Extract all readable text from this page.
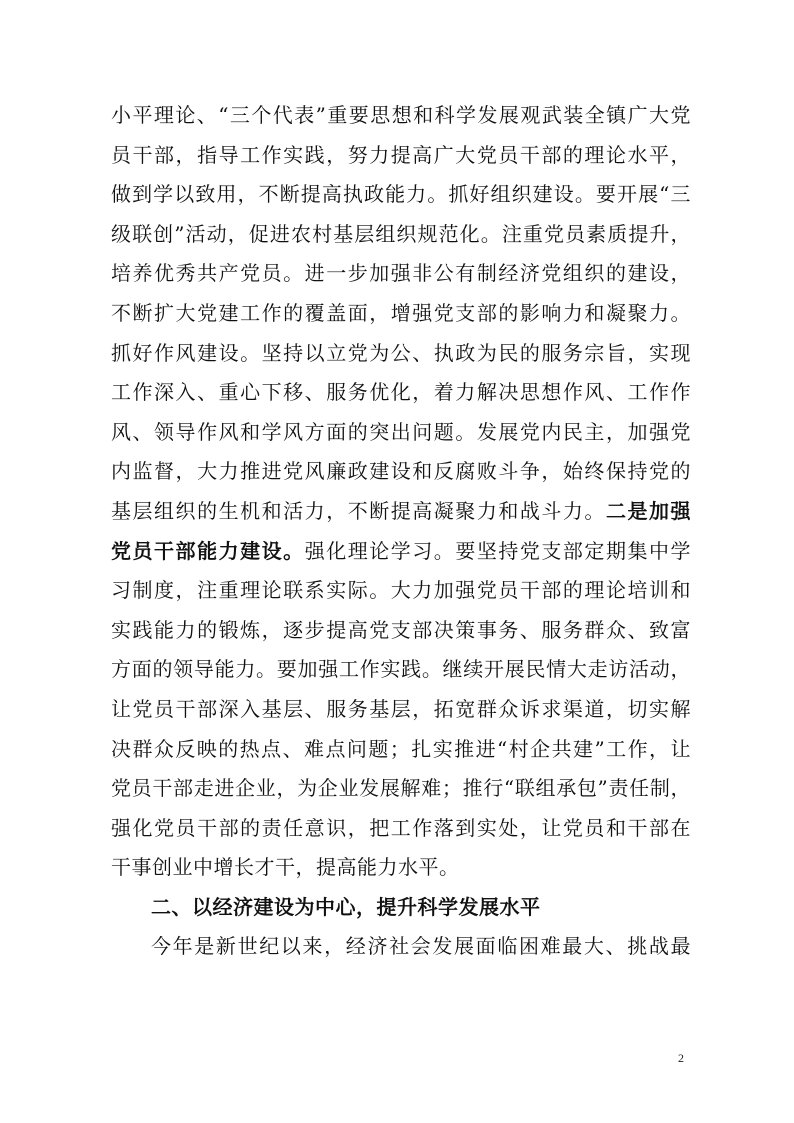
小平理论、“三个代表”重要思想和科学发展观武装全镇广大党
员干部，指导工作实践，努力提高广大党员干部的理论水平，
做到学以致用，不断提高执政能力。抓好组织建设。要开展“三
级联创”活动，促进农村基层组织规范化。注重党员素质提升，
培养优秀共产党员。进一步加强非公有制经济党组织的建设，
不断扩大党建工作的覆盖面，增强党支部的影响力和凝聚力。
抓好作风建设。坚持以立党为公、执政为民的服务宗旨，实现
工作深入、重心下移、服务优化，着力解决思想作风、工作作
风、领导作风和学风方面的突出问题。发展党内民主，加强党
内监督，大力推进党风廉政建设和反腐败斗争，始终保持党的
基层组织的生机和活力，不断提高凝聚力和战斗力。二是加强
党员干部能力建设。强化理论学习。要坚持党支部定期集中学
习制度，注重理论联系实际。大力加强党员干部的理论培训和
实践能力的锻炼，逐步提高党支部决策事务、服务群众、致富
方面的领导能力。要加强工作实践。继续开展民情大走访活动，
让党员干部深入基层、服务基层，拓宽群众诉求渠道，切实解
决群众反映的热点、难点问题；扎实推进“村企共建”工作，让
党员干部走进企业，为企业发展解难；推行“联组承包”责任制，
强化党员干部的责任意识，把工作落到实处，让党员和干部在
干事创业中增长才干，提高能力水平。
二、以经济建设为中心，提升科学发展水平
今年是新世纪以来，经济社会发展面临困难最大、挑战最
2
